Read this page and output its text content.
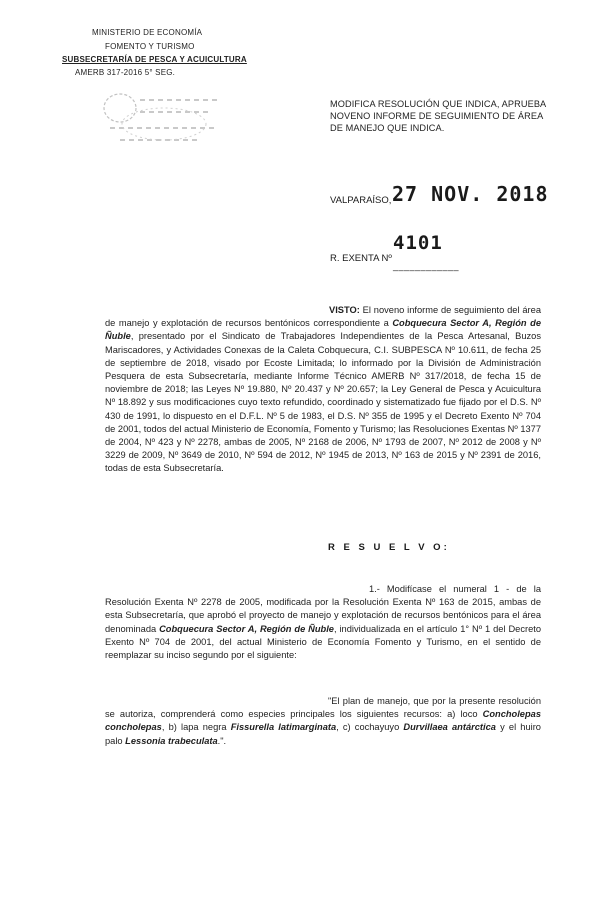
MINISTERIO DE ECONOMÍA
FOMENTO Y TURISMO
SUBSECRETARÍA DE PESCA Y ACUICULTURA
AMERB 317-2016 5° SEG.
MODIFICA RESOLUCIÓN QUE INDICA, APRUEBA NOVENO INFORME DE SEGUIMIENTO DE ÁREA DE MANEJO QUE INDICA.
VALPARAÍSO, 27 NOV. 2018
R. EXENTA Nº
4101
____________
VISTO: El noveno informe de seguimiento del área de manejo y explotación de recursos bentónicos correspondiente a Cobquecura Sector A, Región de Ñuble, presentado por el Sindicato de Trabajadores Independientes de la Pesca Artesanal, Buzos Mariscadores, y Actividades Conexas de la Caleta Cobquecura, C.I. SUBPESCA Nº 10.611, de fecha 25 de septiembre de 2018, visado por Ecoste Limitada; lo informado por la División de Administración Pesquera de esta Subsecretaría, mediante Informe Técnico AMERB Nº 317/2018, de fecha 15 de noviembre de 2018; las Leyes Nº 19.880, Nº 20.437 y Nº 20.657; la Ley General de Pesca y Acuicultura Nº 18.892 y sus modificaciones cuyo texto refundido, coordinado y sistematizado fue fijado por el D.S. Nº 430 de 1991, lo dispuesto en el D.F.L. Nº 5 de 1983, el D.S. Nº 355 de 1995 y el Decreto Exento Nº 704 de 2001, todos del actual Ministerio de Economía, Fomento y Turismo; las Resoluciones Exentas Nº 1377 de 2004, Nº 423 y Nº 2278, ambas de 2005, Nº 2168 de 2006, Nº 1793 de 2007, Nº 2012 de 2008 y Nº 3229 de 2009, Nº 3649 de 2010, Nº 594 de 2012, Nº 1945 de 2013, Nº 163 de 2015 y Nº 2391 de 2016, todas de esta Subsecretaría.
R E S U E L V O:
1.- Modifícase el numeral 1 - de la Resolución Exenta Nº 2278 de 2005, modificada por la Resolución Exenta Nº 163 de 2015, ambas de esta Subsecretaría, que aprobó el proyecto de manejo y explotación de recursos bentónicos para el área denominada Cobquecura Sector A, Región de Ñuble, individualizada en el artículo 1° Nº 1 del Decreto Exento Nº 704 de 2001, del actual Ministerio de Economía Fomento y Turismo, en el sentido de reemplazar su inciso segundo por el siguiente:
"El plan de manejo, que por la presente resolución se autoriza, comprenderá como especies principales los siguientes recursos: a) loco Concholepas concholepas, b) lapa negra Fissurella latimarginata, c) cochayuyo Durvillaea antárctica y el huiro palo Lessonia trabeculata.".
